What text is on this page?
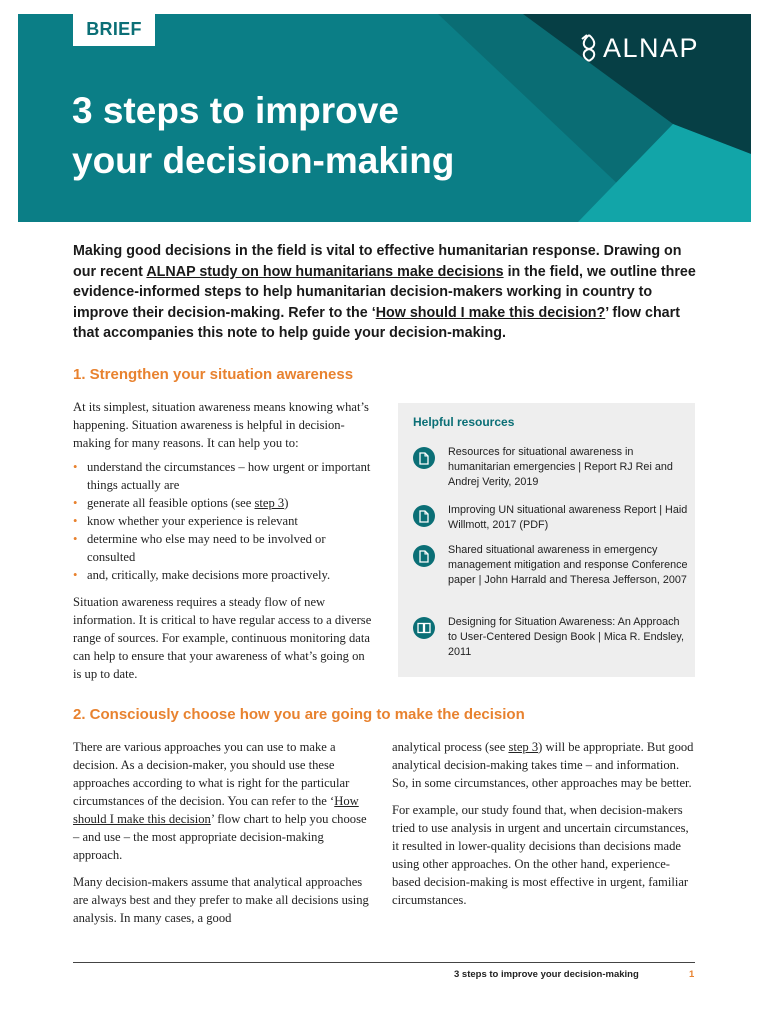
BRIEF
ALNAP
3 steps to improve
your decision-making

Making good decisions in the field is vital to effective humanitarian response. Drawing on our recent ALNAP study on how humanitarians make decisions in the field, we outline three evidence-informed steps to help humanitarian decision-makers working in country to improve their decision-making. Refer to the ‘How should I make this decision?’ flow chart that accompanies this note to help guide your decision-making.

1. Strengthen your situation awareness

At its simplest, situation awareness means knowing what’s happening. Situation awareness is helpful in decision-making for many reasons. It can help you to:

• understand the circumstances – how urgent or important things actually are
• generate all feasible options (see step 3)
• know whether your experience is relevant
• determine who else may need to be involved or consulted
• and, critically, make decisions more proactively.

Situation awareness requires a steady flow of new information. It is critical to have regular access to a diverse range of sources. For example, continuous monitoring data can help to ensure that your awareness of what’s going on is up to date.

Helpful resources
Resources for situational awareness in humanitarian emergencies | Report RJ Rei and Andrej Verity, 2019
Improving UN situational awareness Report | Haid Willmott, 2017 (PDF)
Shared situational awareness in emergency management mitigation and response Conference paper | John Harrald and Theresa Jefferson, 2007
Designing for Situation Awareness: An Approach to User-Centered Design Book | Mica R. Endsley, 2011
2. Consciously choose how you are going to make the decision

There are various approaches you can use to make a decision. As a decision-maker, you should use these approaches according to what is right for the particular circumstances of the decision. You can refer to the ‘How should I make this decision’ flow chart to help you choose – and use – the most appropriate decision-making approach.

Many decision-makers assume that analytical approaches are always best and they prefer to make all decisions using analysis. In many cases, a good

analytical process (see step 3) will be appropriate. But good analytical decision-making takes time – and information. So, in some circumstances, other approaches may be better.

For example, our study found that, when decision-makers tried to use analysis in urgent and uncertain circumstances, it resulted in lower-quality decisions than decisions made using other approaches. On the other hand, experience-based decision-making is most effective in urgent, familiar circumstances.

3 steps to improve your decision-making	1
